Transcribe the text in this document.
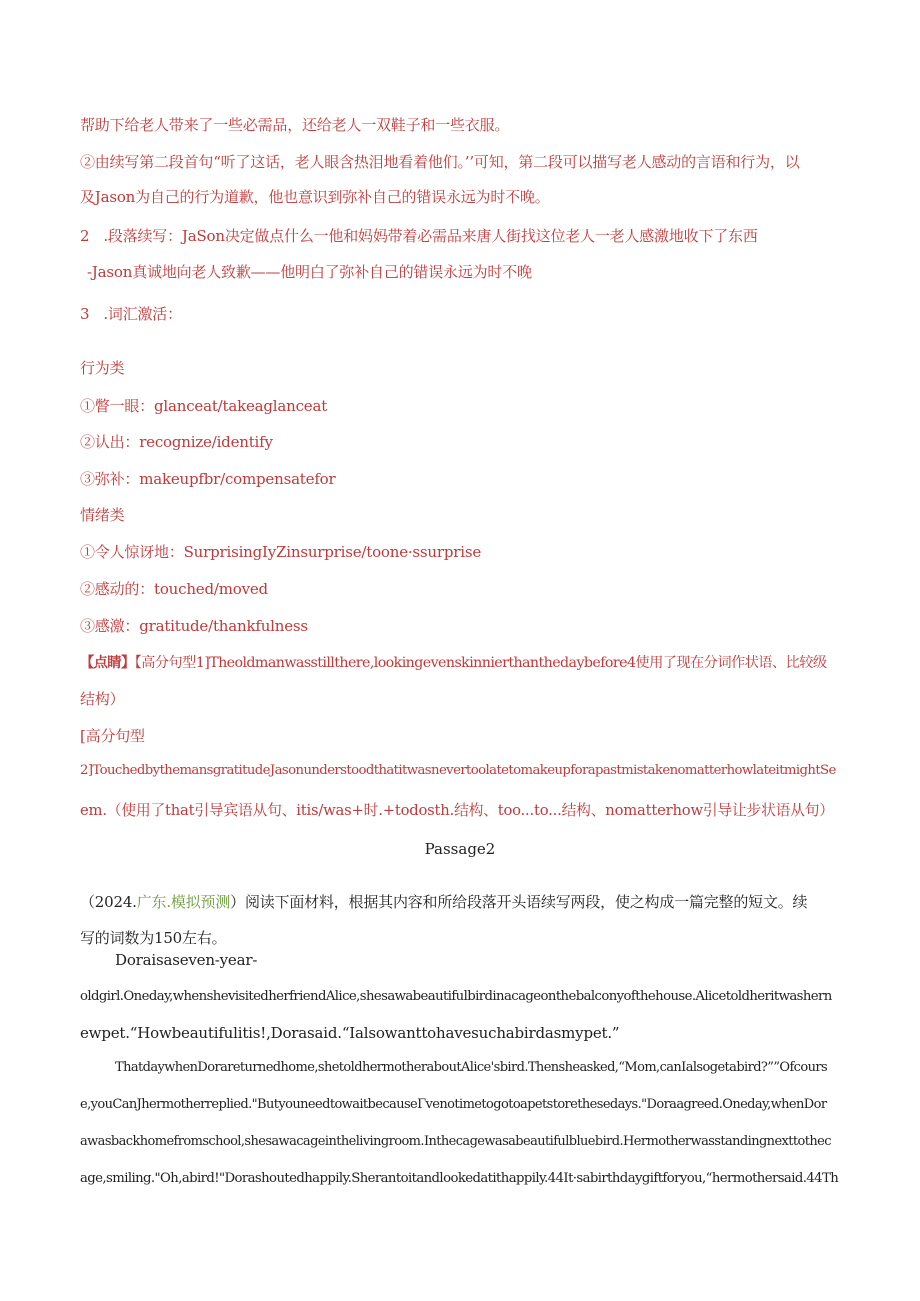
帮助下给老人带来了一些必需品，还给老人一双鞋子和一些衣服。
②由续写第二段首句“听了这话，老人眼含热泪地看着他们。’’可知，第二段可以描写老人感动的言语和行为，以
及Jason为自己的行为道歉，他也意识到弥补自己的错误永远为时不晚。
2 .段落续写：JaSon决定做点什么一他和妈妈带着必需品来唐人街找这位老人一老人感激地收下了东西
-Jason真诚地向老人致歉——他明白了弥补自己的错误永远为时不晚
3 .词汇激活：
行为类
①瞥一眼：glanceat/takeaglanceat
②认出：recognize/identify
③弥补：makeupfbr/compensatefor
情绪类
①令人惊讶地：SurprisingIyZinsurprise/toone·ssurprise
②感动的：touched/moved
③感激：gratitude/thankfulness
【点睛】【高分句型1]Theoldmanwasstillthere,lookingevenskinnierthanthedaybefore4使用了现在分词作状语、比较级
结构）
[高分句型
2]TouchedbythemansgratitudeJasonunderstoodthatitwasnevertoolatetomakeupforapastmistakenomatterhowlateitmightSe
em.（使用了that引导宾语从句、itis/was+时.+todosth.结构、too...to...结构、nomatterhow引导让步状语从句）
Passage2
（2024.广东.模拟预测）阅读下面材料，根据其内容和所给段落开头语续写两段，使之构成一篇完整的短文。续
写的词数为150左右。
Doraisaseven-year-
oldgirl.Oneday,whenshevisitedherfriendAlice,shesawabeautifulbirdinacageonthebalconyofthehouse.Alicetoldheritwashern
ewpet.“Howbeautifulitis!,Dorasaid.“Ialsowanttohavesuchabirdasmypet.”
ThatdaywhenDorareturnedhome,shetoldhermotheraboutAlice'sbird.Thensheasked,“Mom,canIalsogetabird?””Ofcours
e,youCanJhermotherreplied."ButyouneedtowaitbecauseΓvenotimetogotoapetstorethesedays."Doraagreed.Oneday,whenDor
awasbackhomefromschool,shesawacageinthelivingroom.Inthecagewasabeautifulbluebird.Hermotherwasstandingnexttothec
age,smiling."Oh,abird!"Dorashoutedhappily.Sherantoitandlookedatithappily.44It·sabirthdaygiftforyou,“hermothersaid.44Th
